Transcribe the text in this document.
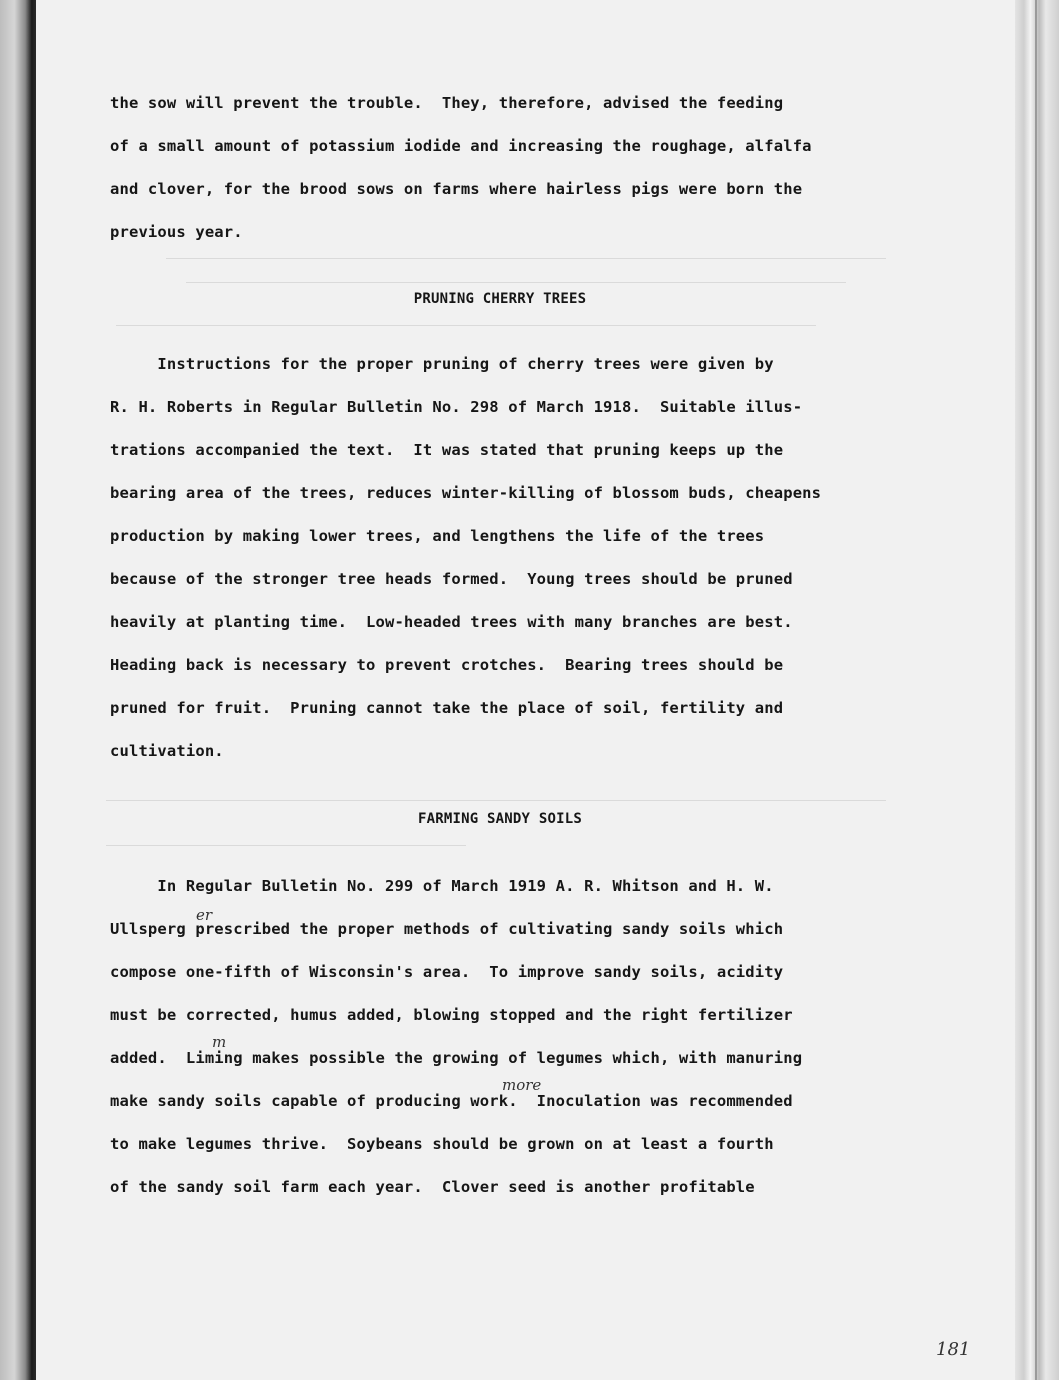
the sow will prevent the trouble.  They, therefore, advised the feeding
of a small amount of potassium iodide and increasing the roughage, alfalfa
and clover, for the brood sows on farms where hairless pigs were born the
previous year.
PRUNING CHERRY TREES
Instructions for the proper pruning of cherry trees were given by
R. H. Roberts in Regular Bulletin No. 298 of March 1918.  Suitable illus-
trations accompanied the text.  It was stated that pruning keeps up the
bearing area of the trees, reduces winter-killing of blossom buds, cheapens
production by making lower trees, and lengthens the life of the trees
because of the stronger tree heads formed.  Young trees should be pruned
heavily at planting time.  Low-headed trees with many branches are best.
Heading back is necessary to prevent crotches.  Bearing trees should be
pruned for fruit.  Pruning cannot take the place of soil, fertility and
cultivation.
FARMING SANDY SOILS
In Regular Bulletin No. 299 of March 1919 A. R. Whitson and H. W.
Ullsperg prescribed the proper methods of cultivating sandy soils which
compose one-fifth of Wisconsin's area.  To improve sandy soils, acidity
must be corrected, humus added, blowing stopped and the right fertilizer
added.  Liming makes possible the growing of legumes which, with manuring
make sandy soils capable of producing work.  Inoculation was recommended
to make legumes thrive.  Soybeans should be grown on at least a fourth
of the sandy soil farm each year.  Clover seed is another profitable
er
m
more
181
